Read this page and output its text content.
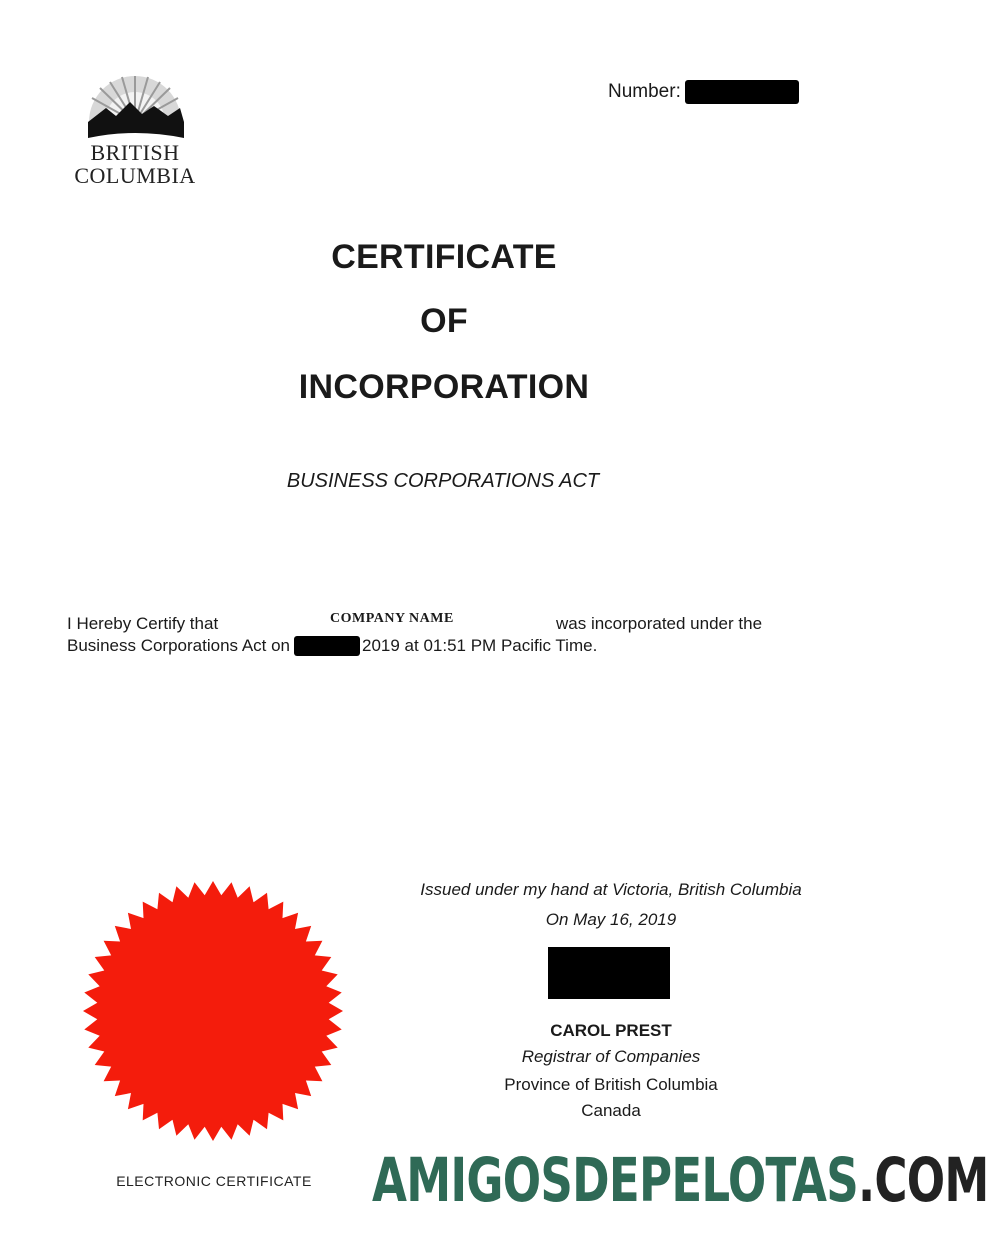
BRITISH
COLUMBIA
Number:
CERTIFICATE
OF
INCORPORATION
BUSINESS CORPORATIONS ACT
I Hereby Certify that	COMPANY NAME	was incorporated under the
Business Corporations Act on	2019 at 01:51 PM Pacific Time.
ELECTRONIC CERTIFICATE
Issued under my hand at Victoria, British Columbia
On May 16, 2019
CAROL PREST
Registrar of Companies
Province of British Columbia
Canada
AMIGOSDEPELOTAS.COM
